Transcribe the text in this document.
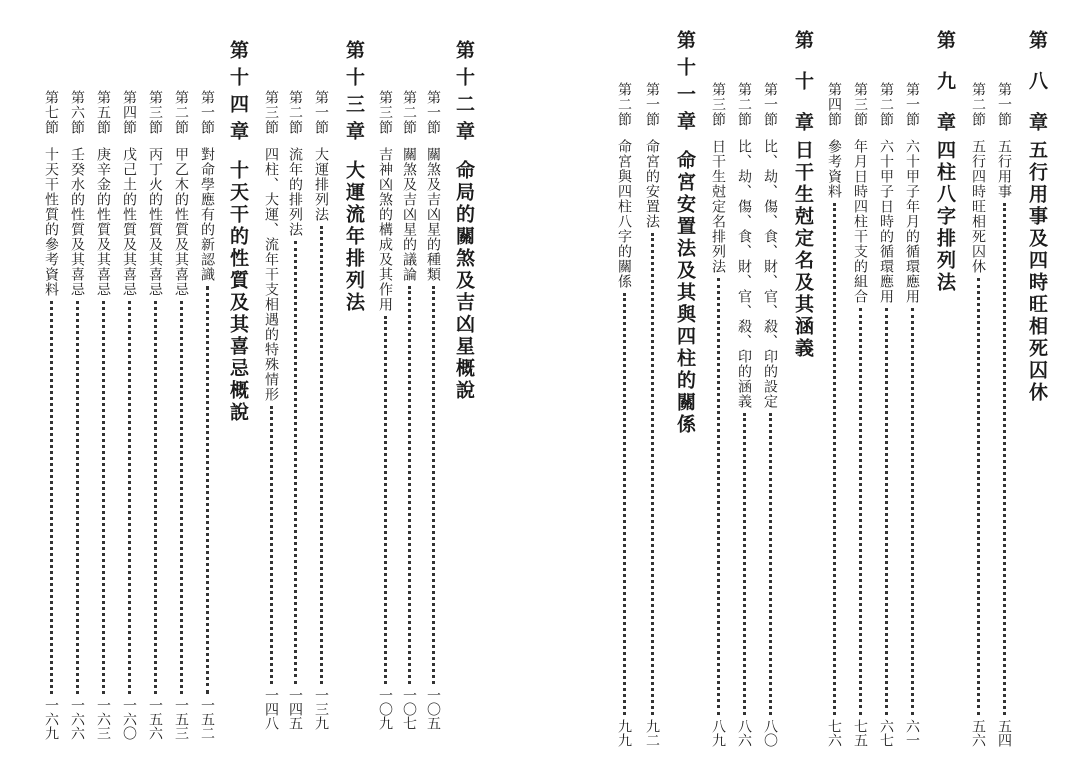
第十二章
命局的關煞及吉凶星概說
第一節
關煞及吉凶星的種類
一〇五
第二節
關煞及吉凶星的議論
一〇七
第三節
吉神凶煞的構成及其作用
一〇九
第十三章
大運流年排列法
第一節
大運排列法
一三九
第二節
流年的排列法
一四五
第三節
四柱、大運、流年干支相遇的特殊情形
一四八
第十四章
十天干的性質及其喜忌概說
第一節
對命學應有的新認識
一五二
第二節
甲乙木的性質及其喜忌
一五三
第三節
丙丁火的性質及其喜忌
一五六
第四節
戊己土的性質及其喜忌
一六〇
第五節
庚辛金的性質及其喜忌
一六三
第六節
壬癸水的性質及其喜忌
一六六
第七節
十天干性質的參考資料
一六九
第八章
五行用事及四時旺相死囚休
第一節
五行用事
五四
第二節
五行四時旺相死囚休
五六
第九章
四柱八字排列法
第一節
六十甲子年月的循環應用
六一
第二節
六十甲子日時的循環應用
六七
第三節
年月日時四柱干支的組合
七五
第四節
參考資料
七六
第十章
日干生尅定名及其涵義
第一節
比、劫、傷、食、財、官、殺、印的設定
八〇
第二節
比、劫、傷、食、財、官、殺、印的涵義
八六
第三節
日干生尅定名排列法
八九
第十一章
命宮安置法及其與四柱的關係
第一節
命宮的安置法
九二
第二節
命宮與四柱八字的關係
九九
